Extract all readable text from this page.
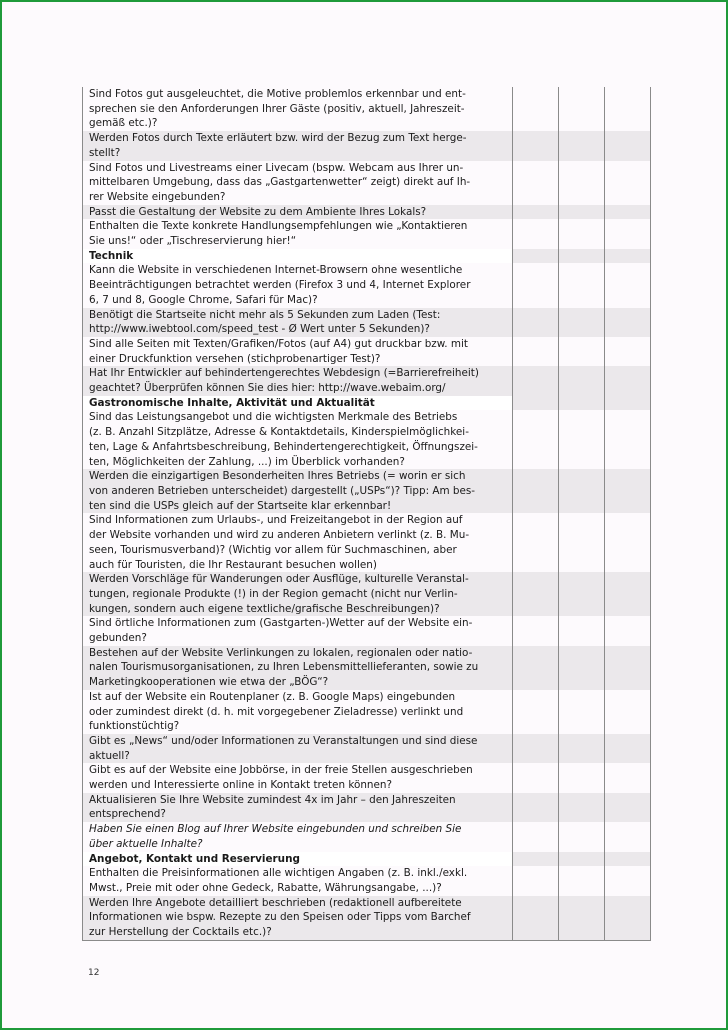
Sind Fotos gut ausgeleuchtet, die Motive problemlos erkennbar und ent-
sprechen sie den Anforderungen Ihrer Gäste (positiv, aktuell, Jahreszeit-
gemäß etc.)?			
Werden Fotos durch Texte erläutert bzw. wird der Bezug zum Text herge-
stellt?			
Sind Fotos und Livestreams einer Livecam (bspw. Webcam aus Ihrer un-
mittelbaren Umgebung, dass das „Gastgartenwetter“ zeigt) direkt auf Ih-
rer Website eingebunden?			
Passt die Gestaltung der Website zu dem Ambiente Ihres Lokals?			
Enthalten die Texte konkrete Handlungsempfehlungen wie „Kontaktieren
Sie uns!“ oder „Tischreservierung hier!“			
Technik			
Kann die Website in verschiedenen Internet-Browsern ohne wesentliche
Beeinträchtigungen betrachtet werden (Firefox 3 und 4, Internet Explorer
6, 7 und 8, Google Chrome, Safari für Mac)?			
Benötigt die Startseite nicht mehr als 5 Sekunden zum Laden (Test:
http://www.iwebtool.com/speed_test - Ø Wert unter 5 Sekunden)?			
Sind alle Seiten mit Texten/Grafiken/Fotos (auf A4) gut druckbar bzw. mit
einer Druckfunktion versehen (stichprobenartiger Test)?			
Hat Ihr Entwickler auf behindertengerechtes Webdesign (=Barrierefreiheit)
geachtet? Überprüfen können Sie dies hier: http://wave.webaim.org/			
Gastronomische Inhalte, Aktivität und Aktualität			
Sind das Leistungsangebot und die wichtigsten Merkmale des Betriebs
(z. B. Anzahl Sitzplätze, Adresse & Kontaktdetails, Kinderspielmöglichkei-
ten, Lage & Anfahrtsbeschreibung, Behindertengerechtigkeit, Öffnungszei-
ten, Möglichkeiten der Zahlung, ...) im Überblick vorhanden?			
Werden die einzigartigen Besonderheiten Ihres Betriebs (= worin er sich
von anderen Betrieben unterscheidet) dargestellt („USPs“)? Tipp: Am bes-
ten sind die USPs gleich auf der Startseite klar erkennbar!			
Sind Informationen zum Urlaubs-, und Freizeitangebot in der Region auf
der Website vorhanden und wird zu anderen Anbietern verlinkt (z. B. Mu-
seen, Tourismusverband)? (Wichtig vor allem für Suchmaschinen, aber
auch für Touristen, die Ihr Restaurant besuchen wollen)			
Werden Vorschläge für Wanderungen oder Ausflüge, kulturelle Veranstal-
tungen, regionale Produkte (!) in der Region gemacht (nicht nur Verlin-
kungen, sondern auch eigene textliche/grafische Beschreibungen)?			
Sind örtliche Informationen zum (Gastgarten-)Wetter auf der Website ein-
gebunden?			
Bestehen auf der Website Verlinkungen zu lokalen, regionalen oder natio-
nalen Tourismusorganisationen, zu Ihren Lebensmittellieferanten, sowie zu
Marketingkooperationen wie etwa der „BÖG“?			
Ist auf der Website ein Routenplaner (z. B. Google Maps) eingebunden
oder zumindest direkt (d. h. mit vorgegebener Zieladresse) verlinkt und
funktionstüchtig?			
Gibt es „News“ und/oder Informationen zu Veranstaltungen und sind diese
aktuell?			
Gibt es auf der Website eine Jobbörse, in der freie Stellen ausgeschrieben
werden und Interessierte online in Kontakt treten können?			
Aktualisieren Sie Ihre Website zumindest 4x im Jahr – den Jahreszeiten
entsprechend?			
Haben Sie einen Blog auf Ihrer Website eingebunden und schreiben Sie
über aktuelle Inhalte?			
Angebot, Kontakt und Reservierung			
Enthalten die Preisinformationen alle wichtigen Angaben (z. B. inkl./exkl.
Mwst., Preie mit oder ohne Gedeck, Rabatte, Währungsangabe, ...)?			
Werden Ihre Angebote detailliert beschrieben (redaktionell aufbereitete
Informationen wie bspw. Rezepte zu den Speisen oder Tipps vom Barchef
zur Herstellung der Cocktails etc.)?			
12
